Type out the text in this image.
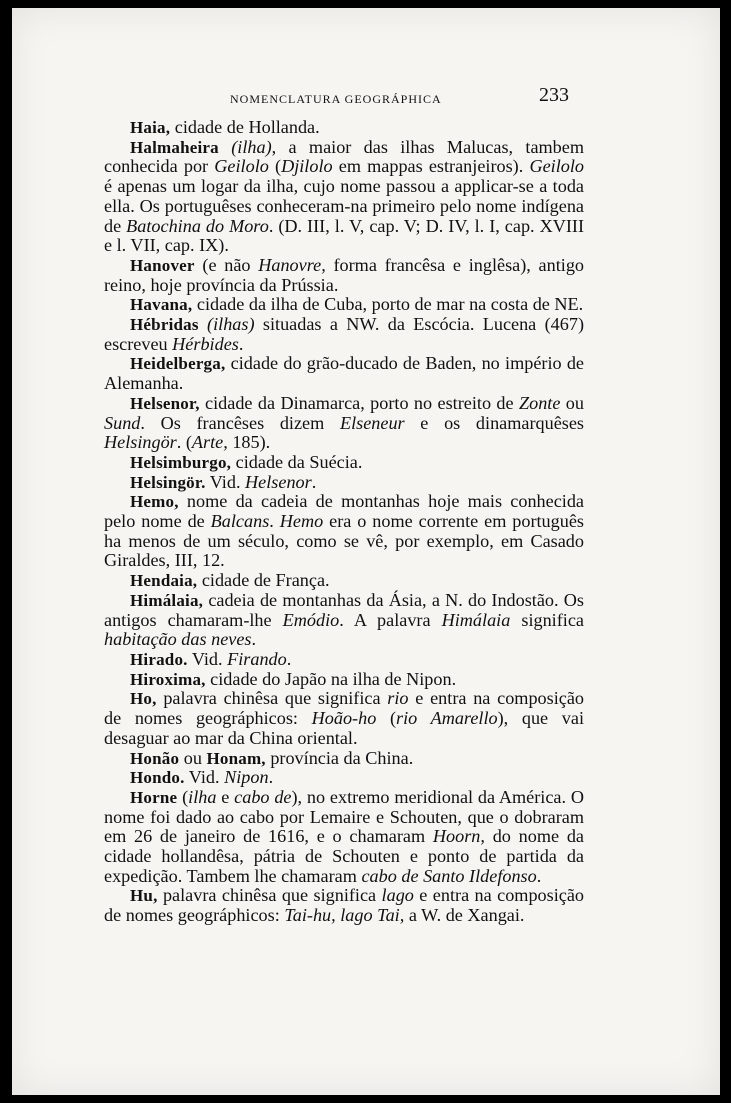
NOMENCLATURA GEOGRÁPHICA	233

Haia, cidade de Hollanda.

Halmaheira (ilha), a maior das ilhas Malucas, tambem conhecida por Geilolo (Djilolo em mappas estranjeiros). Geilolo é apenas um logar da ilha, cujo nome passou a applicar-se a toda ella. Os portuguêses conheceram-na primeiro pelo nome indígena de Batochina do Moro. (D. III, l. V, cap. V; D. IV, l. I, cap. XVIII e l. VII, cap. IX).

Hanover (e não Hanovre, forma francêsa e inglêsa), antigo reino, hoje província da Prússia.

Havana, cidade da ilha de Cuba, porto de mar na costa de NE.

Hébridas (ilhas) situadas a NW. da Escócia. Lucena (467) escreveu Hérbides.

Heidelberga, cidade do grão-ducado de Baden, no império de Alemanha.

Helsenor, cidade da Dinamarca, porto no estreito de Zonte ou Sund. Os francêses dizem Elseneur e os dinamarquêses Helsingör. (Arte, 185).

Helsimburgo, cidade da Suécia.

Helsingör. Vid. Helsenor.

Hemo, nome da cadeia de montanhas hoje mais conhecida pelo nome de Balcans. Hemo era o nome corrente em português ha menos de um século, como se vê, por exemplo, em Casado Giraldes, III, 12.

Hendaia, cidade de França.

Himálaia, cadeia de montanhas da Ásia, a N. do Indostão. Os antigos chamaram-lhe Emódio. A palavra Himálaia significa habitação das neves.

Hirado. Vid. Firando.

Hiroxima, cidade do Japão na ilha de Nipon.

Ho, palavra chinêsa que significa rio e entra na composição de nomes geográphicos: Hoão-ho (rio Amarello), que vai desaguar ao mar da China oriental.

Honão ou Honam, província da China.

Hondo. Vid. Nipon.

Horne (ilha e cabo de), no extremo meridional da América. O nome foi dado ao cabo por Lemaire e Schouten, que o dobraram em 26 de janeiro de 1616, e o chamaram Hoorn, do nome da cidade hollandêsa, pátria de Schouten e ponto de partida da expedição. Tambem lhe chamaram cabo de Santo Ildefonso.

Hu, palavra chinêsa que significa lago e entra na composição de nomes geográphicos: Tai-hu, lago Tai, a W. de Xangai.
